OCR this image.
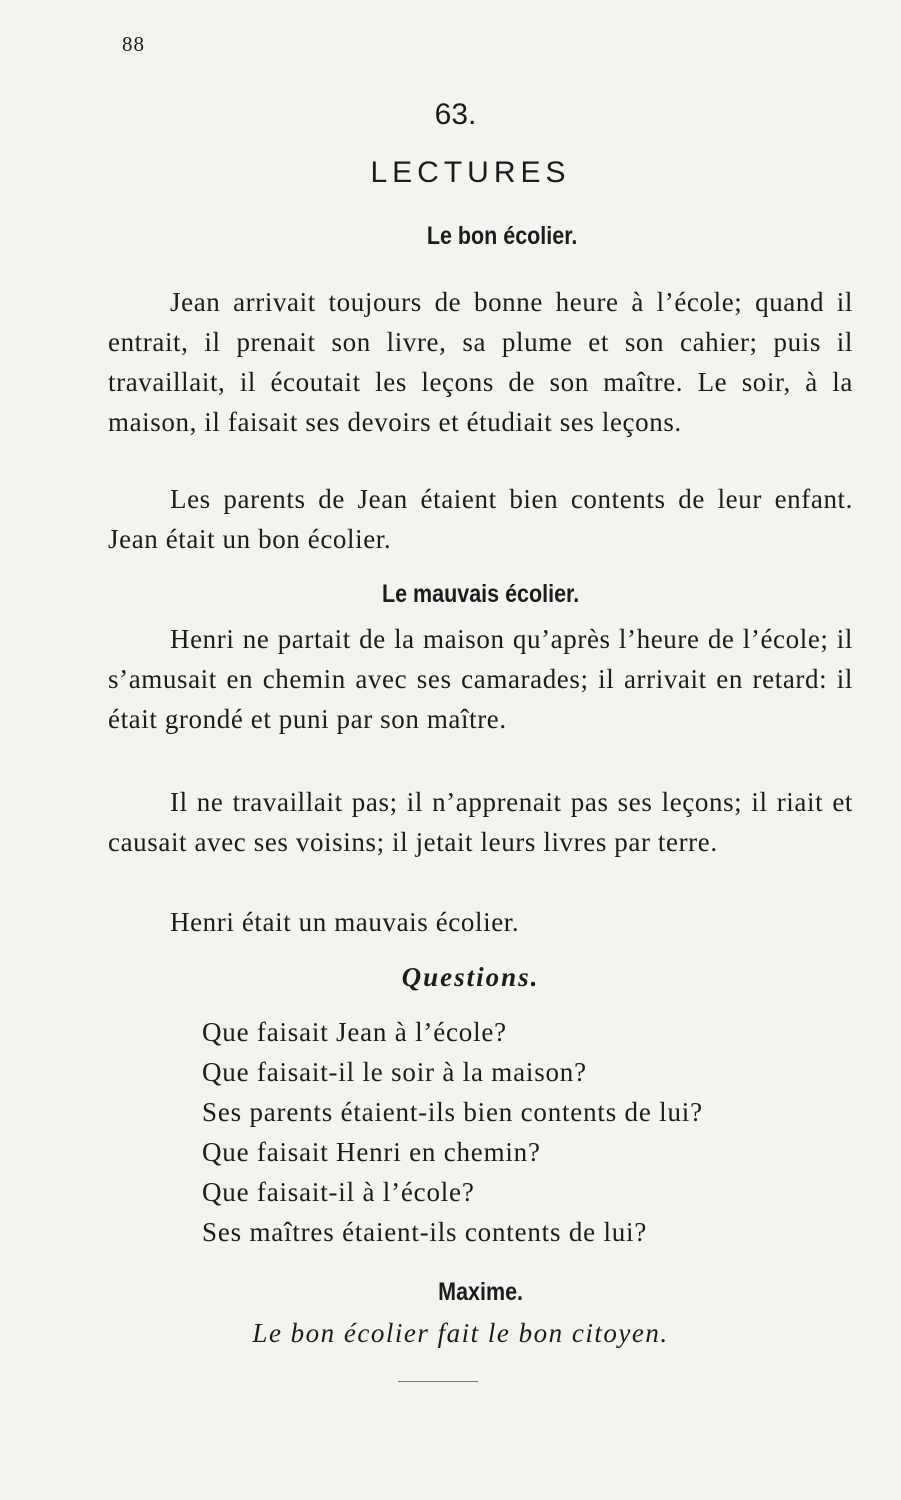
88
63.
LECTURES
Le bon écolier.

Jean arrivait toujours de bonne heure à l’école; quand il entrait, il prenait son livre, sa plume et son cahier; puis il travaillait, il écoutait les leçons de son maître. Le soir, à la maison, il faisait ses devoirs et étudiait ses leçons.

Les parents de Jean étaient bien contents de leur enfant. Jean était un bon écolier.

Le mauvais écolier.

Henri ne partait de la maison qu’après l’heure de l’école; il s’amusait en chemin avec ses camarades; il arrivait en retard: il était grondé et puni par son maître.

Il ne travaillait pas; il n’apprenait pas ses leçons; il riait et causait avec ses voisins; il jetait leurs livres par terre.

Henri était un mauvais écolier.

Questions.
Que faisait Jean à l’école?
Que faisait-il le soir à la maison?
Ses parents étaient-ils bien contents de lui?
Que faisait Henri en chemin?
Que faisait-il à l’école?
Ses maîtres étaient-ils contents de lui?
Maxime.
Le bon écolier fait le bon citoyen.
